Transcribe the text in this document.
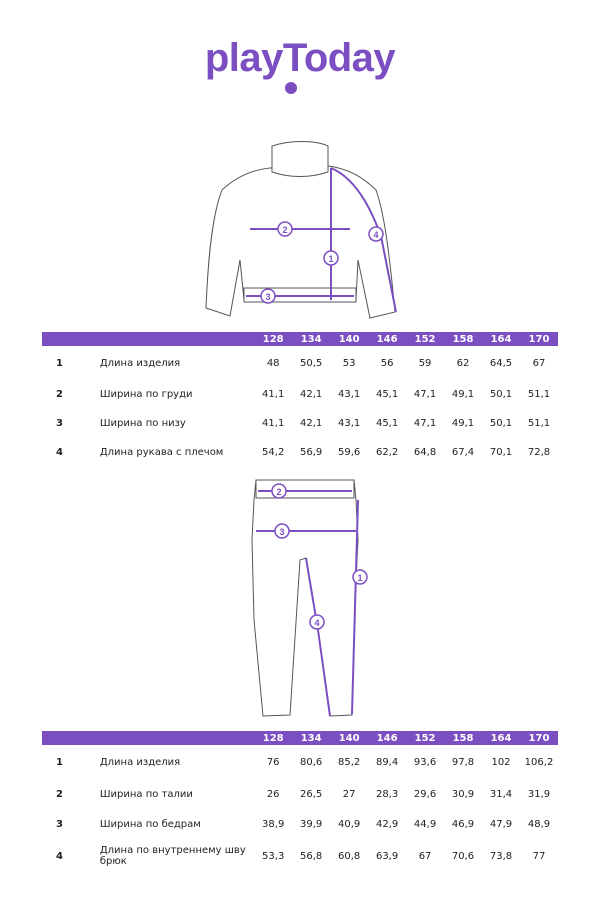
playToday
1
2
3
4
		128	134	140	146	152	158	164	170
1	Длина изделия	48	50,5	53	56	59	62	64,5	67
2	Ширина по груди	41,1	42,1	43,1	45,1	47,1	49,1	50,1	51,1
3	Ширина по низу	41,1	42,1	43,1	45,1	47,1	49,1	50,1	51,1
4	Длина рукава с плечом	54,2	56,9	59,6	62,2	64,8	67,4	70,1	72,8
1
2
3
4
		128	134	140	146	152	158	164	170
1	Длина изделия	76	80,6	85,2	89,4	93,6	97,8	102	106,2
2	Ширина по талии	26	26,5	27	28,3	29,6	30,9	31,4	31,9
3	Ширина по бедрам	38,9	39,9	40,9	42,9	44,9	46,9	47,9	48,9
4	Длина по внутреннему шву брюк	53,3	56,8	60,8	63,9	67	70,6	73,8	77
